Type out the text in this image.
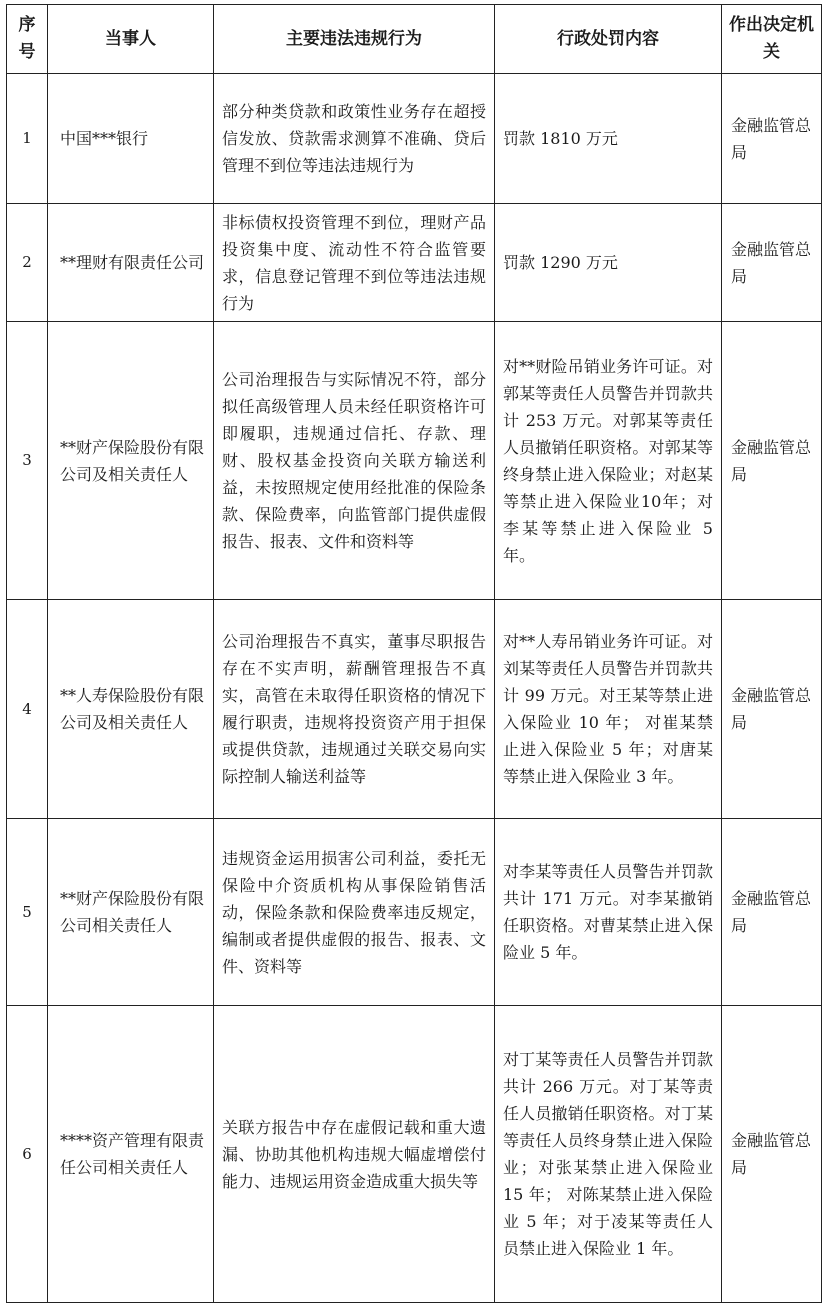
序号	当事人	主要违法违规行为	行政处罚内容	作出决定机关
1	中国***银行	部分种类贷款和政策性业务存在超授信发放、贷款需求测算不准确、贷后管理不到位等违法违规行为	罚款 1810 万元	金融监管总局
2	**理财有限责任公司	非标债权投资管理不到位，理财产品投资集中度、流动性不符合监管要求，信息登记管理不到位等违法违规行为	罚款 1290 万元	金融监管总局
3	**财产保险股份有限公司及相关责任人	公司治理报告与实际情况不符，部分拟任高级管理人员未经任职资格许可即履职，违规通过信托、存款、理财、股权基金投资向关联方输送利益，未按照规定使用经批准的保险条款、保险费率，向监管部门提供虚假报告、报表、文件和资料等	对**财险吊销业务许可证。对郭某等责任人员警告并罚款共计 253 万元。对郭某等责任人员撤销任职资格。对郭某等终身禁止进入保险业；对赵某等禁止进入保险业10年；对李某等禁止进入保险业 5 年。	金融监管总局
4	**人寿保险股份有限公司及相关责任人	公司治理报告不真实，董事尽职报告存在不实声明，薪酬管理报告不真实，高管在未取得任职资格的情况下履行职责，违规将投资资产用于担保或提供贷款，违规通过关联交易向实际控制人输送利益等	对**人寿吊销业务许可证。对刘某等责任人员警告并罚款共计 99 万元。对王某等禁止进入保险业 10 年； 对崔某禁止进入保险业 5 年；对唐某等禁止进入保险业 3 年。	金融监管总局
5	**财产保险股份有限公司相关责任人	违规资金运用损害公司利益，委托无保险中介资质机构从事保险销售活动，保险条款和保险费率违反规定，编制或者提供虚假的报告、报表、文件、资料等	对李某等责任人员警告并罚款共计 171 万元。对李某撤销任职资格。对曹某禁止进入保险业 5 年。	金融监管总局
6	****资产管理有限责任公司相关责任人	关联方报告中存在虚假记载和重大遗漏、协助其他机构违规大幅虚增偿付能力、违规运用资金造成重大损失等	对丁某等责任人员警告并罚款共计 266 万元。对丁某等责任人员撤销任职资格。对丁某等责任人员终身禁止进入保险业；对张某禁止进入保险业 15 年； 对陈某禁止进入保险业 5 年；对于凌某等责任人员禁止进入保险业 1 年。	金融监管总局
